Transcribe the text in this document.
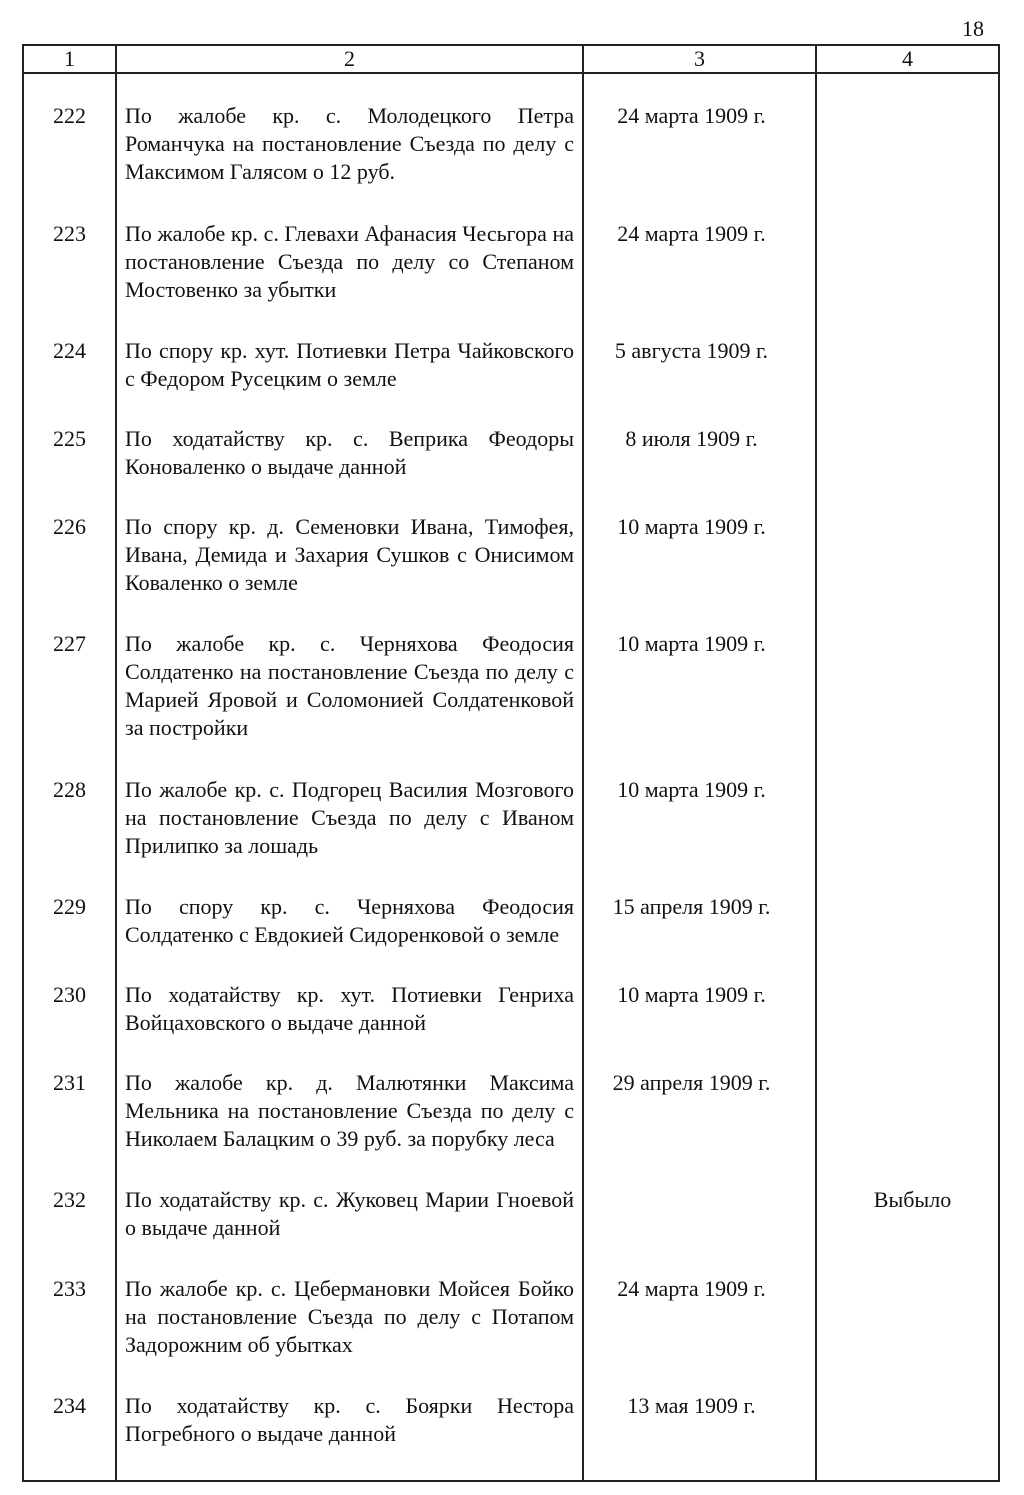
18
1	2	3	4
222	По жалобе кр. с. Молодецкого Петра Романчука на постановление Съезда по делу с Максимом Галясом о 12 руб.	24 марта 1909 г.	
223	По жалобе кр. с. Глевахи Афанасия Чесьгора на постановление Съезда по делу со Степаном Мостовенко за убытки	24 марта 1909 г.	
224	По спору кр. хут. Потиевки Петра Чайковского с Федором Русецким о земле	5 августа 1909 г.	
225	По ходатайству кр. с. Веприка Феодоры Коноваленко о выдаче данной	8 июля 1909 г.	
226	По спору кр. д. Семеновки Ивана, Тимофея, Ивана, Демида и Захария Сушков с Онисимом Коваленко о земле	10 марта 1909 г.	
227	По жалобе кр. с. Черняхова Феодосия Солдатенко на постановление Съезда по делу с Марией Яровой и Соломонией Солдатенковой за постройки	10 марта 1909 г.	
228	По жалобе кр. с. Подгорец Василия Мозгового на постановление Съезда по делу с Иваном Прилипко за лошадь	10 марта 1909 г.	
229	По спору кр. с. Черняхова Феодосия Солдатенко с Евдокией Сидоренковой о земле	15 апреля 1909 г.	
230	По ходатайству кр. хут. Потиевки Генриха Войцаховского о выдаче данной	10 марта 1909 г.	
231	По жалобе кр. д. Малютянки Максима Мельника на постановление Съезда по делу с Николаем Балацким о 39 руб. за порубку леса	29 апреля 1909 г.	
232	По ходатайству кр. с. Жуковец Марии Гноевой о выдаче данной		Выбыло
233	По жалобе кр. с. Цебермановки Мойсея Бойко на постановление Съезда по делу с Потапом Задорожним об убытках	24 марта 1909 г.	
234	По ходатайству кр. с. Боярки Нестора Погребного о выдаче данной	13 мая 1909 г.	
